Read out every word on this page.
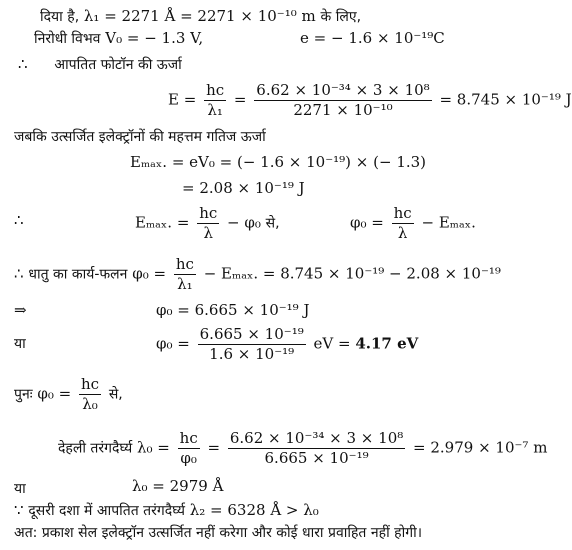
दिया है, λ₁ = 2271 Å = 2271 × 10⁻¹⁰ m के लिए,
निरोधी विभव V₀ = − 1.3 V,	e = − 1.6 × 10⁻¹⁹C
∴ आपतित फोटॉन की ऊर्जा
$E = \frac{hc}{\text{λ₁}} = \frac{\text{6.62 × 10⁻³⁴ × 3 × 10⁸}}{\text{2271 × 10⁻¹⁰}} = 8.745 \times 10^{-19}$ J
जबकि उत्सर्जित इलेक्ट्रॉनों की महत्तम गतिज ऊर्जा
Eₘₐₓ. = eV₀ = (− 1.6 × 10⁻¹⁹) × (− 1.3)
= 2.08 × 10⁻¹⁹ J
∴	Eₘₐₓ. = $\frac{hc}{\lambda} - \varphi_0$ से,	$\varphi_0 = \frac{hc}{\lambda} - E_{max}$.
∴ धातु का कार्य-फलन $\varphi_0 = \frac{hc}{\text{λ₁}} - E_{max}$. = 8.745 × 10⁻¹⁹ − 2.08 × 10⁻¹⁹
⇒	φ₀ = 6.665 × 10⁻¹⁹ J
या	$\varphi_0 = \frac{\text{6.665 × 10⁻¹⁹}}{\text{1.6 × 10⁻¹⁹}}$ eV = 4.17 eV
पुनः $\varphi_0 = \frac{hc}{\text{λ₀}}$ से,
देहली तरंगदैर्घ्य $\lambda_0 = \frac{hc}{\text{φ₀}} = \frac{\text{6.62 × 10⁻³⁴ × 3 × 10⁸}}{\text{6.665 × 10⁻¹⁹}} = 2.979 \times 10^{-7}$ m
या	λ₀ = 2979 Å
∵ दूसरी दशा में आपतित तरंगदैर्घ्य λ₂ = 6328 Å > λ₀
अत: प्रकाश सेल इलेक्ट्रॉन उत्सर्जित नहीं करेगा और कोई धारा प्रवाहित नहीं होगी।
